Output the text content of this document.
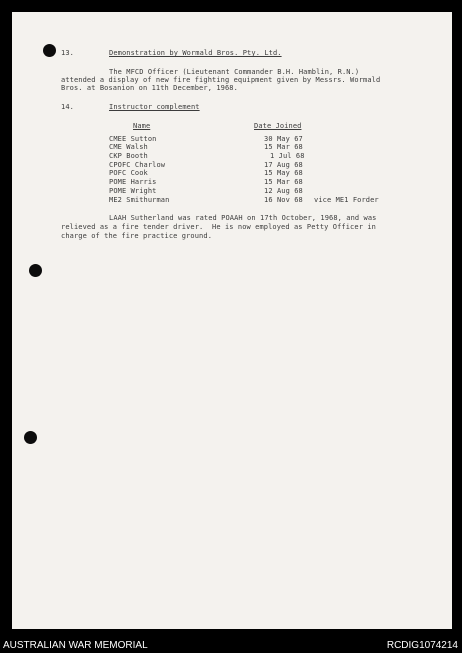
13.	Demonstration by Wormald Bros. Pty. Ltd.
The MFCD Officer (Lieutenant Commander B.H. Hamblin, R.N.)
attended a display of new fire fighting equipment given by Messrs. Wormald
Bros. at Bosanion on 11th December, 1968.
14.	Instructor complement
Name	Date Joined
CMEE Sutton	30 May 67
CME Walsh	15 Mar 68
CKP Booth	1 Jul 68
CPOFC Charlow	17 Aug 68
POFC Cook	15 May 68
POME Harris	15 Mar 68
POME Wright	12 Aug 68
ME2 Smithurman	16 Nov 68 vice ME1 Forder
LAAH Sutherland was rated POAAH on 17th October, 1968, and was
relieved as a fire tender driver.  He is now employed as Petty Officer in
charge of the fire practice ground.
AUSTRALIAN WAR MEMORIAL	RCDIG1074214
